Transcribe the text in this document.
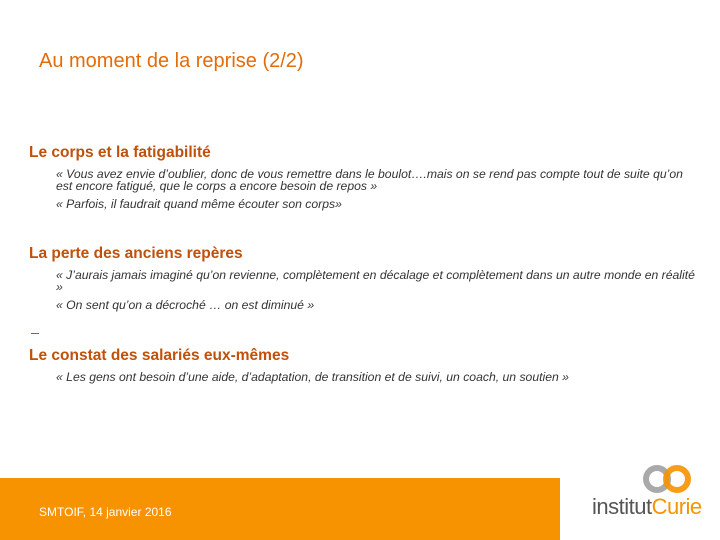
Au moment de la reprise (2/2)
Le corps et la fatigabilité
« Vous avez envie d’oublier, donc de vous remettre dans le boulot….mais on se rend pas compte tout de suite qu’on est encore fatigué, que le corps a encore besoin de repos »
« Parfois, il faudrait quand même écouter son corps»
La perte des anciens repères
« J’aurais jamais imaginé qu’on revienne, complètement en décalage et complètement dans un autre monde en réalité »
« On sent qu’on a décroché … on est diminué »
Le constat des salariés eux-mêmes
« Les gens ont besoin d’une aide, d’adaptation, de transition et de suivi, un coach, un soutien »
SMTOIF, 14 janvier 2016	institutCurie
